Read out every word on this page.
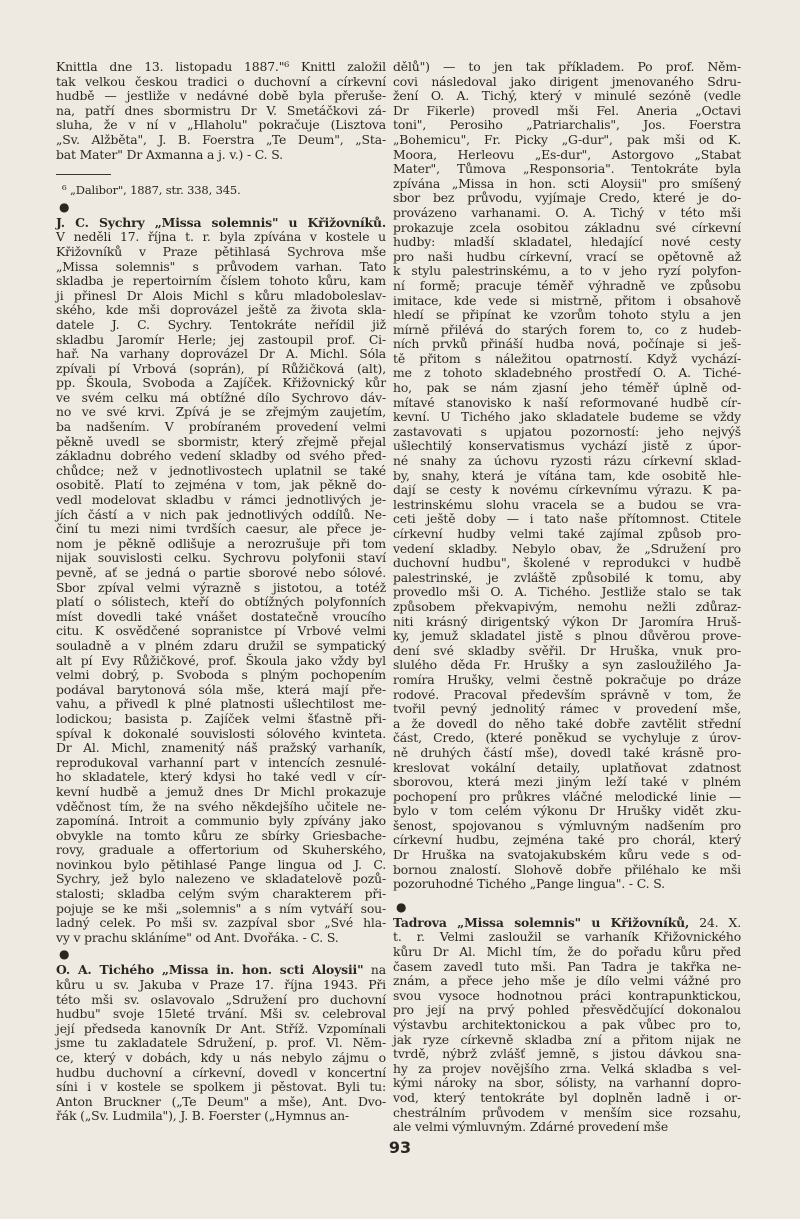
Knittla dne 13. listopadu 1887."⁶ Knittl založil
tak velkou českou tradici o duchovní a církevní
hudbě — jestliže v nedávné době byla přeruše-
na, patří dnes sbormistru Dr V. Smetáčkovi zá-
sluha, že v ní v „Hlaholu" pokračuje (Lisztova
„Sv. Alžběta", J. B. Foerstra „Te Deum", „Sta-
bat Mater" Dr Axmanna a j. v.) - C. S.
⁶ „Dalibor", 1887, str. 338, 345.
●
J. C. Sychry „Missa solemnis" u Křižovníků.
V neděli 17. října t. r. byla zpívána v kostele u
Křižovníků v Praze pětihlasá Sychrova mše
„Missa solemnis" s průvodem varhan. Tato
skladba je repertoirním číslem tohoto kůru, kam
ji přinesl Dr Alois Michl s kůru mladoboleslav-
ského, kde mši doprovázel ještě za života skla-
datele J. C. Sychry. Tentokráte neřídil již
skladbu Jaromír Herle; jej zastoupil prof. Ci-
hař. Na varhany doprovázel Dr A. Michl. Sóla
zpívali pí Vrbová (soprán), pí Růžičková (alt),
pp. Škoula, Svoboda a Zajíček. Křižovnický kůr
ve svém celku má obtížné dílo Sychrovo dáv-
no ve své krvi. Zpívá je se zřejmým zaujetím,
ba nadšením. V probíraném provedení velmi
pěkně uvedl se sbormistr, který zřejmě přejal
základnu dobrého vedení skladby od svého před-
chůdce; než v jednotlivostech uplatnil se také
osobitě. Platí to zejména v tom, jak pěkně do-
vedl modelovat skladbu v rámci jednotlivých je-
jích částí a v nich pak jednotlivých oddílů. Ne-
činí tu mezi nimi tvrdších caesur, ale přece je-
nom je pěkně odlišuje a nerozrušuje při tom
nijak souvislosti celku. Sychrovu polyfonii staví
pevně, ať se jedná o partie sborové nebo sólové.
Sbor zpíval velmi výrazně s jistotou, a totéž
platí o sólistech, kteří do obtížných polyfonních
míst dovedli také vnášet dostatečně vroucího
citu. K osvědčené sopranistce pí Vrbové velmi
souladně a v plném zdaru družil se sympatický
alt pí Evy Růžičkové, prof. Škoula jako vždy byl
velmi dobrý, p. Svoboda s plným pochopením
podával barytonová sóla mše, která mají pře-
vahu, a přivedl k plné platnosti ušlechtilost me-
lodickou; basista p. Zajíček velmi šťastně při-
spíval k dokonalé souvislosti sólového kvinteta.
Dr Al. Michl, znamenitý náš pražský varhaník,
reprodukoval varhanní part v intencích zesnulé-
ho skladatele, který kdysi ho také vedl v cír-
kevní hudbě a jemuž dnes Dr Michl prokazuje
vděčnost tím, že na svého někdejšího učitele ne-
zapomíná. Introit a communio byly zpívány jako
obvykle na tomto kůru ze sbírky Griesbache-
rovy, graduale a offertorium od Skuherského,
novinkou bylo pětihlasé Pange lingua od J. C.
Sychry, jež bylo nalezeno ve skladatelově pozů-
stalosti; skladba celým svým charakterem při-
pojuje se ke mši „solemnis" a s ním vytváří sou-
ladný celek. Po mši sv. zazpíval sbor „Své hla-
vy v prachu skláníme" od Ant. Dvořáka. - C. S.
●
O. A. Tichého „Missa in. hon. scti Aloysii" na
kůru u sv. Jakuba v Praze 17. října 1943. Při
této mši sv. oslavovalo „Sdružení pro duchovní
hudbu" svoje 15leté trvání. Mši sv. celebroval
její předseda kanovník Dr Ant. Stříž. Vzpomínali
jsme tu zakladatele Sdružení, p. prof. Vl. Něm-
ce, který v dobách, kdy u nás nebylo zájmu o
hudbu duchovní a církevní, dovedl v koncertní
síni i v kostele se spolkem ji pěstovat. Byli tu:
Anton Bruckner („Te Deum" a mše), Ant. Dvo-
řák („Sv. Ludmila"), J. B. Foerster („Hymnus an-
dělů") — to jen tak příkladem. Po prof. Něm-
covi následoval jako dirigent jmenovaného Sdru-
žení O. A. Tichý, který v minulé sezóně (vedle
Dr Fikerle) provedl mši Fel. Aneria „Octavi
toni", Perosiho „Patriarchalis", Jos. Foerstra
„Bohemicu", Fr. Picky „G-dur", pak mši od K.
Moora, Herleovu „Es-dur", Astorgovo „Stabat
Mater", Tůmova „Responsoria". Tentokráte byla
zpívána „Missa in hon. scti Aloysii" pro smíšený
sbor bez průvodu, vyjímaje Credo, které je do-
provázeno varhanami. O. A. Tichý v této mši
prokazuje zcela osobitou základnu své církevní
hudby: mladší skladatel, hledající nové cesty
pro naši hudbu církevní, vrací se opětovně až
k stylu palestrinskému, a to v jeho ryzí polyfon-
ní formě; pracuje téměř výhradně ve způsobu
imitace, kde vede si mistrně, přitom i obsahově
hledí se připínat ke vzorům tohoto stylu a jen
mírně přilévá do starých forem to, co z hudeb-
ních prvků přináší hudba nová, počínaje si ješ-
tě přitom s náležitou opatrností. Když vychází-
me z tohoto skladebného prostředí O. A. Tiché-
ho, pak se nám zjasní jeho téměř úplně od-
mítavé stanovisko k naší reformované hudbě cír-
kevní. U Tichého jako skladatele budeme se vždy
zastavovati s upjatou pozorností: jeho nejvýš
ušlechtilý konservatismus vychází jistě z úpor-
né snahy za úchovu ryzosti rázu církevní sklad-
by, snahy, která je vítána tam, kde osobitě hle-
dají se cesty k novému církevnímu výrazu. K pa-
lestrinskému slohu vracela se a budou se vra-
ceti ještě doby — i tato naše přítomnost. Ctitele
církevní hudby velmi také zajímal způsob pro-
vedení skladby. Nebylo obav, že „Sdružení pro
duchovní hudbu", školené v reprodukci v hudbě
palestrinské, je zvláště způsobilé k tomu, aby
provedlo mši O. A. Tichého. Jestliže stalo se tak
způsobem překvapivým, nemohu nežli zdůraz-
niti krásný dirigentský výkon Dr Jaromíra Hruš-
ky, jemuž skladatel jistě s plnou důvěrou prove-
dení své skladby svěřil. Dr Hruška, vnuk pro-
slulého děda Fr. Hrušky a syn zasloužilého Ja-
romíra Hrušky, velmi čestně pokračuje po dráze
rodové. Pracoval především správně v tom, že
tvořil pevný jednolitý rámec v provedení mše,
a že dovedl do něho také dobře zavtělit střední
část, Credo, (které poněkud se vychyluje z úrov-
ně druhých částí mše), dovedl také krásně pro-
kreslovat vokální detaily, uplatňovat zdatnost
sborovou, která mezi jiným leží také v plném
pochopení pro průkres vláčné melodické linie —
bylo v tom celém výkonu Dr Hrušky vidět zku-
šenost, spojovanou s výmluvným nadšením pro
církevní hudbu, zejména také pro chorál, který
Dr Hruška na svatojakubském kůru vede s od-
bornou znalostí. Slohově dobře přiléhalo ke mši
pozoruhodné Tichého „Pange lingua". - C. S.
●
Tadrova „Missa solemnis" u Křižovníků, 24. X.
t. r. Velmi zasloužil se varhaník Křižovnického
kůru Dr Al. Michl tím, že do pořadu kůru před
časem zavedl tuto mši. Pan Tadra je takřka ne-
znám, a přece jeho mše je dílo velmi vážné pro
svou vysoce hodnotnou práci kontrapunktickou,
pro její na prvý pohled přesvědčující dokonalou
výstavbu architektonickou a pak vůbec pro to,
jak ryze církevně skladba zní a přitom nijak ne
tvrdě, nýbrž zvlášť jemně, s jistou dávkou sna-
hy za projev novějšího zrna. Velká skladba s vel-
kými nároky na sbor, sólisty, na varhanní dopro-
vod, který tentokráte byl doplněn ladně i or-
chestrálním průvodem v menším sice rozsahu,
ale velmi výmluvným. Zdárné provedení mše
93
